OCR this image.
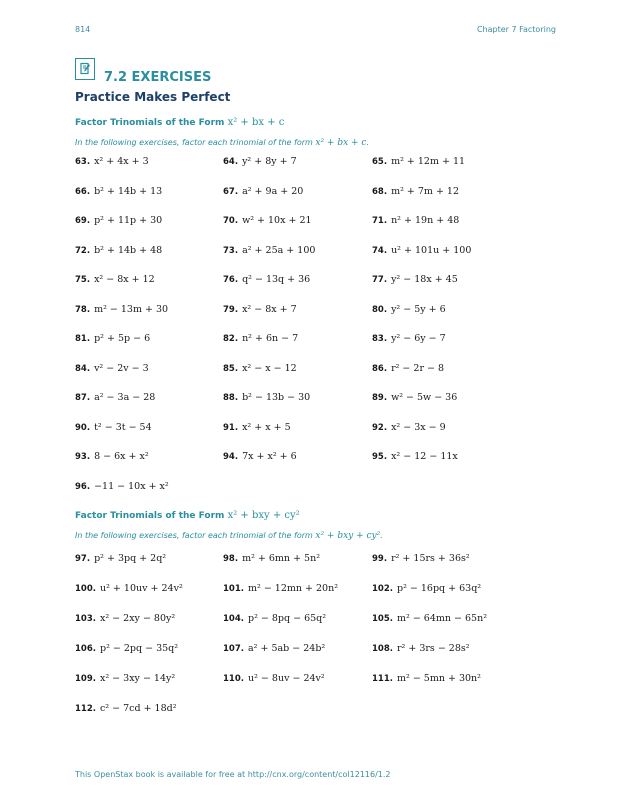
814	Chapter 7 Factoring
7.2 EXERCISES
Practice Makes Perfect
Factor Trinomials of the Form x² + bx + c
In the following exercises, factor each trinomial of the form x² + bx + c.
63. x² + 4x + 3	64. y² + 8y + 7	65. m² + 12m + 11
66. b² + 14b + 13	67. a² + 9a + 20	68. m² + 7m + 12
69. p² + 11p + 30	70. w² + 10x + 21	71. n² + 19n + 48
72. b² + 14b + 48	73. a² + 25a + 100	74. u² + 101u + 100
75. x² − 8x + 12	76. q² − 13q + 36	77. y² − 18x + 45
78. m² − 13m + 30	79. x² − 8x + 7	80. y² − 5y + 6
81. p² + 5p − 6	82. n² + 6n − 7	83. y² − 6y − 7
84. v² − 2v − 3	85. x² − x − 12	86. r² − 2r − 8
87. a² − 3a − 28	88. b² − 13b − 30	89. w² − 5w − 36
90. t² − 3t − 54	91. x² + x + 5	92. x² − 3x − 9
93. 8 − 6x + x²	94. 7x + x² + 6	95. x² − 12 − 11x
96. −11 − 10x + x²
Factor Trinomials of the Form x² + bxy + cy²
In the following exercises, factor each trinomial of the form x² + bxy + cy².
97. p² + 3pq + 2q²	98. m² + 6mn + 5n²	99. r² + 15rs + 36s²
100. u² + 10uv + 24v²	101. m² − 12mn + 20n²	102. p² − 16pq + 63q²
103. x² − 2xy − 80y²	104. p² − 8pq − 65q²	105. m² − 64mn − 65n²
106. p² − 2pq − 35q²	107. a² + 5ab − 24b²	108. r² + 3rs − 28s²
109. x² − 3xy − 14y²	110. u² − 8uv − 24v²	111. m² − 5mn + 30n²
112. c² − 7cd + 18d²
This OpenStax book is available for free at http://cnx.org/content/col12116/1.2
